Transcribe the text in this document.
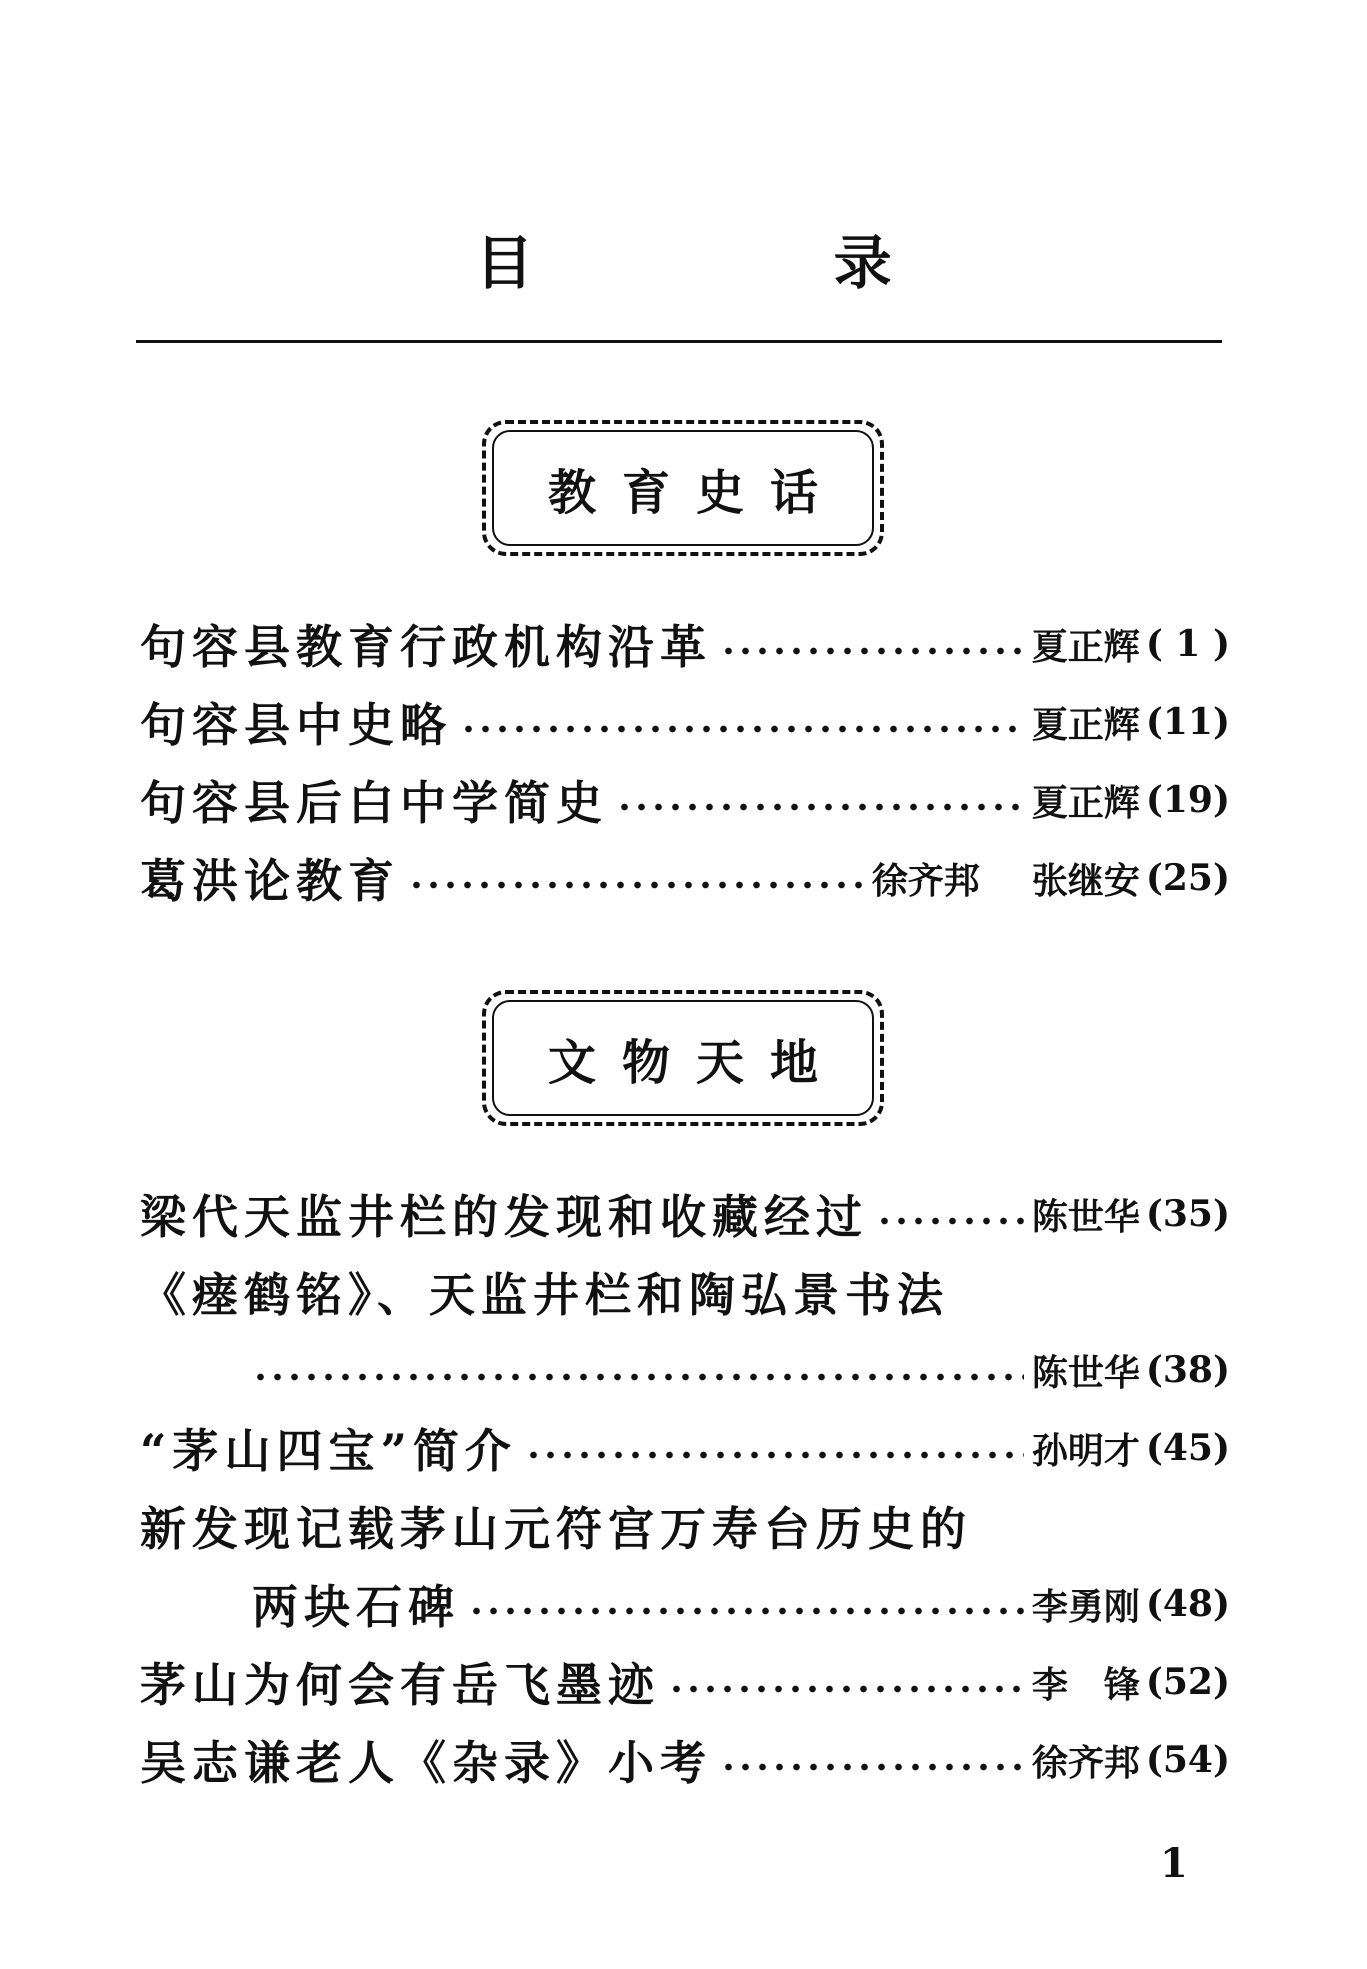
目 录
教育史话
句容县教育行政机构沿革	夏正辉 ( 1 )
句容县中史略	夏正辉 (11)
句容县后白中学简史	夏正辉 (19)
葛洪论教育	徐齐邦 张继安 (25)
文物天地
梁代天监井栏的发现和收藏经过	陈世华 (35)
《瘗鹤铭》、天监井栏和陶弘景书法
陈世华 (38)
“茅山四宝”简介	孙明才 (45)
新发现记载茅山元符宫万寿台历史的
两块石碑	李勇刚 (48)
茅山为何会有岳飞墨迹	李　锋 (52)
吴志谦老人《杂录》小考	徐齐邦 (54)
1
